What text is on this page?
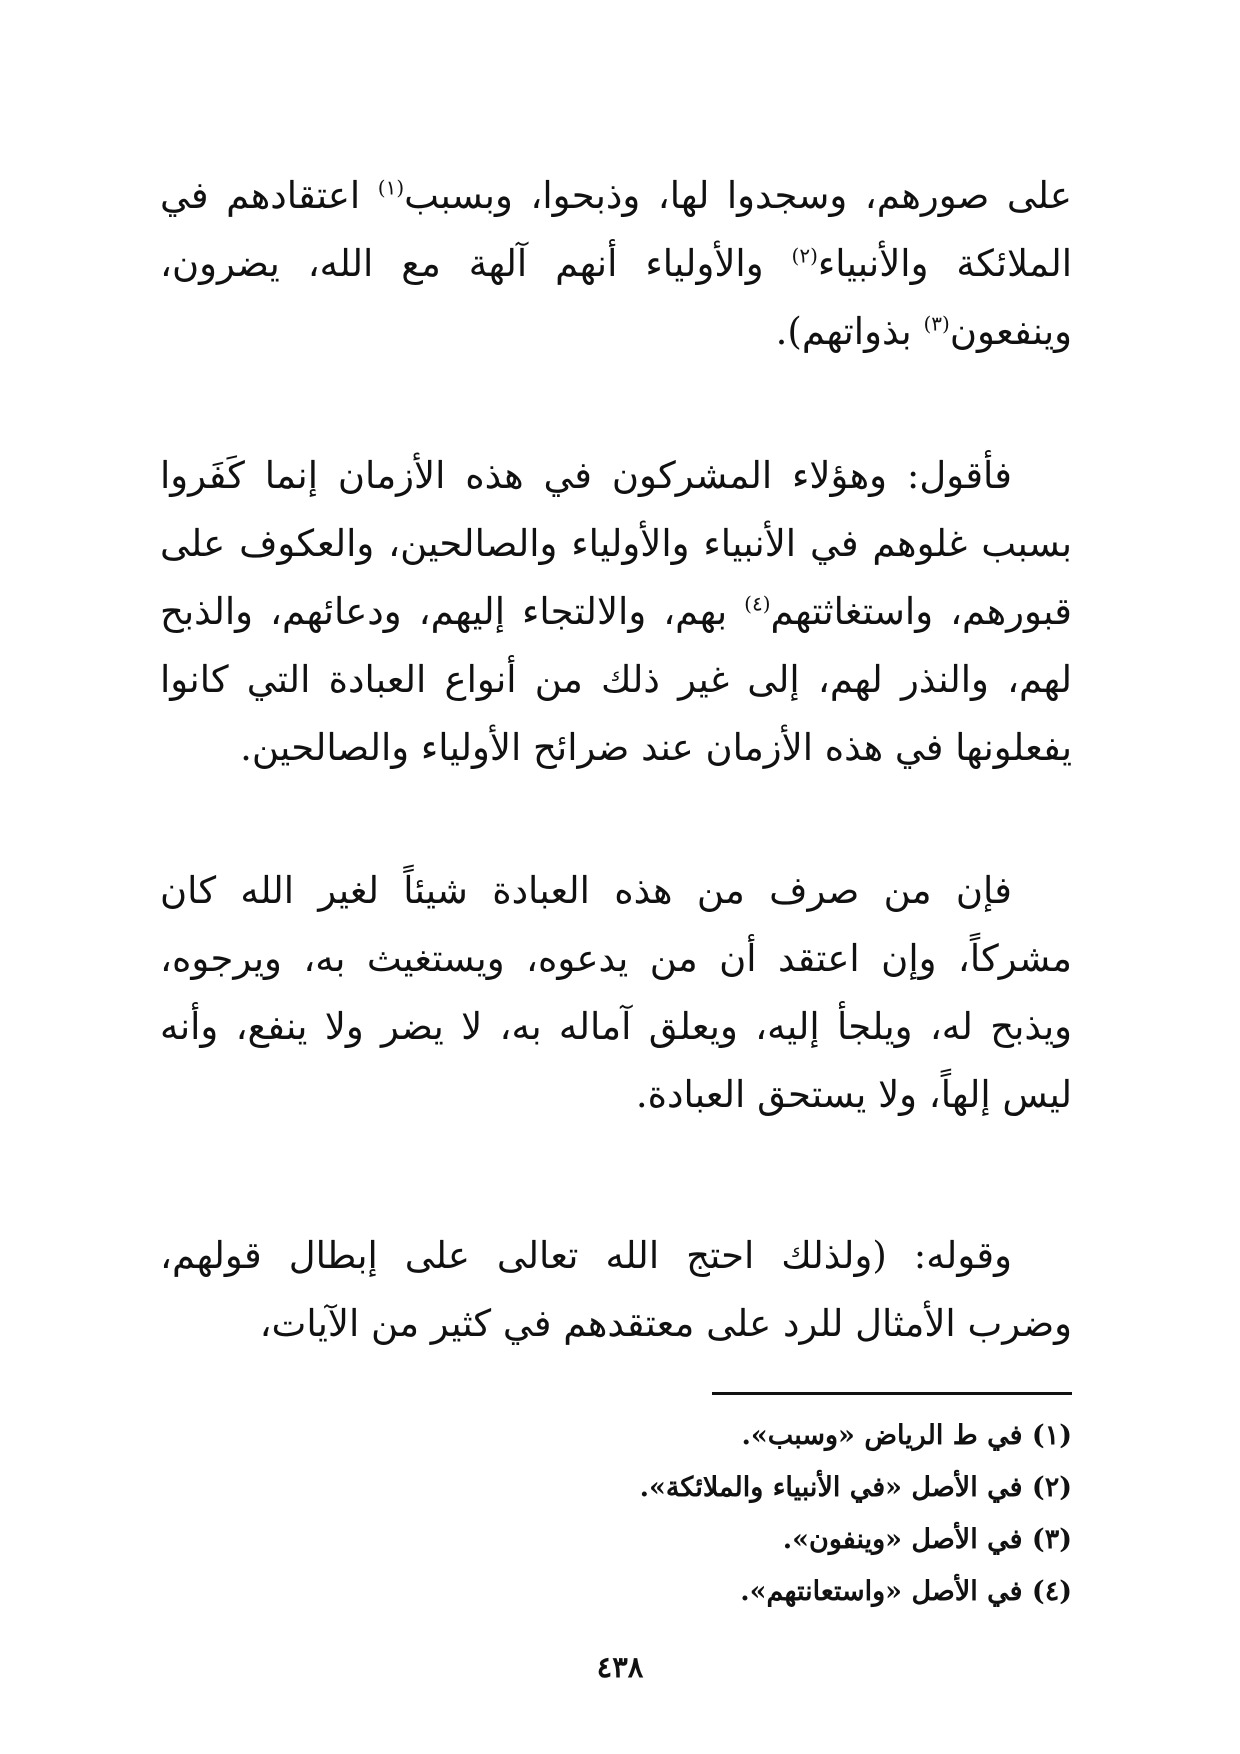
على صورهم، وسجدوا لها، وذبحوا، وبسبب$^{(١)}$ اعتقادهم في الملائكة والأنبياء$^{(٢)}$ والأولياء أنهم آلهة مع الله، يضرون، وينفعون$^{(٣)}$ بذواتهم).

فأقول: وهؤلاء المشركون في هذه الأزمان إنما كَفَروا بسبب غلوهم في الأنبياء والأولياء والصالحين، والعكوف على قبورهم، واستغاثتهم$^{(٤)}$ بهم، والالتجاء إليهم، ودعائهم، والذبح لهم، والنذر لهم، إلى غير ذلك من أنواع العبادة التي كانوا يفعلونها في هذه الأزمان عند ضرائح الأولياء والصالحين.

فإن من صرف من هذه العبادة شيئاً لغير الله كان مشركاً، وإن اعتقد أن من يدعوه، ويستغيث به، ويرجوه، ويذبح له، ويلجأ إليه، ويعلق آماله به، لا يضر ولا ينفع، وأنه ليس إلهاً، ولا يستحق العبادة.

وقوله: (ولذلك احتج الله تعالى على إبطال قولهم، وضرب الأمثال للرد على معتقدهم في كثير من الآيات،

(١) في ط الرياض «وسبب».

(٢) في الأصل «في الأنبياء والملائكة».

(٣) في الأصل «وينفون».

(٤) في الأصل «واستعانتهم».

٤٣٨
